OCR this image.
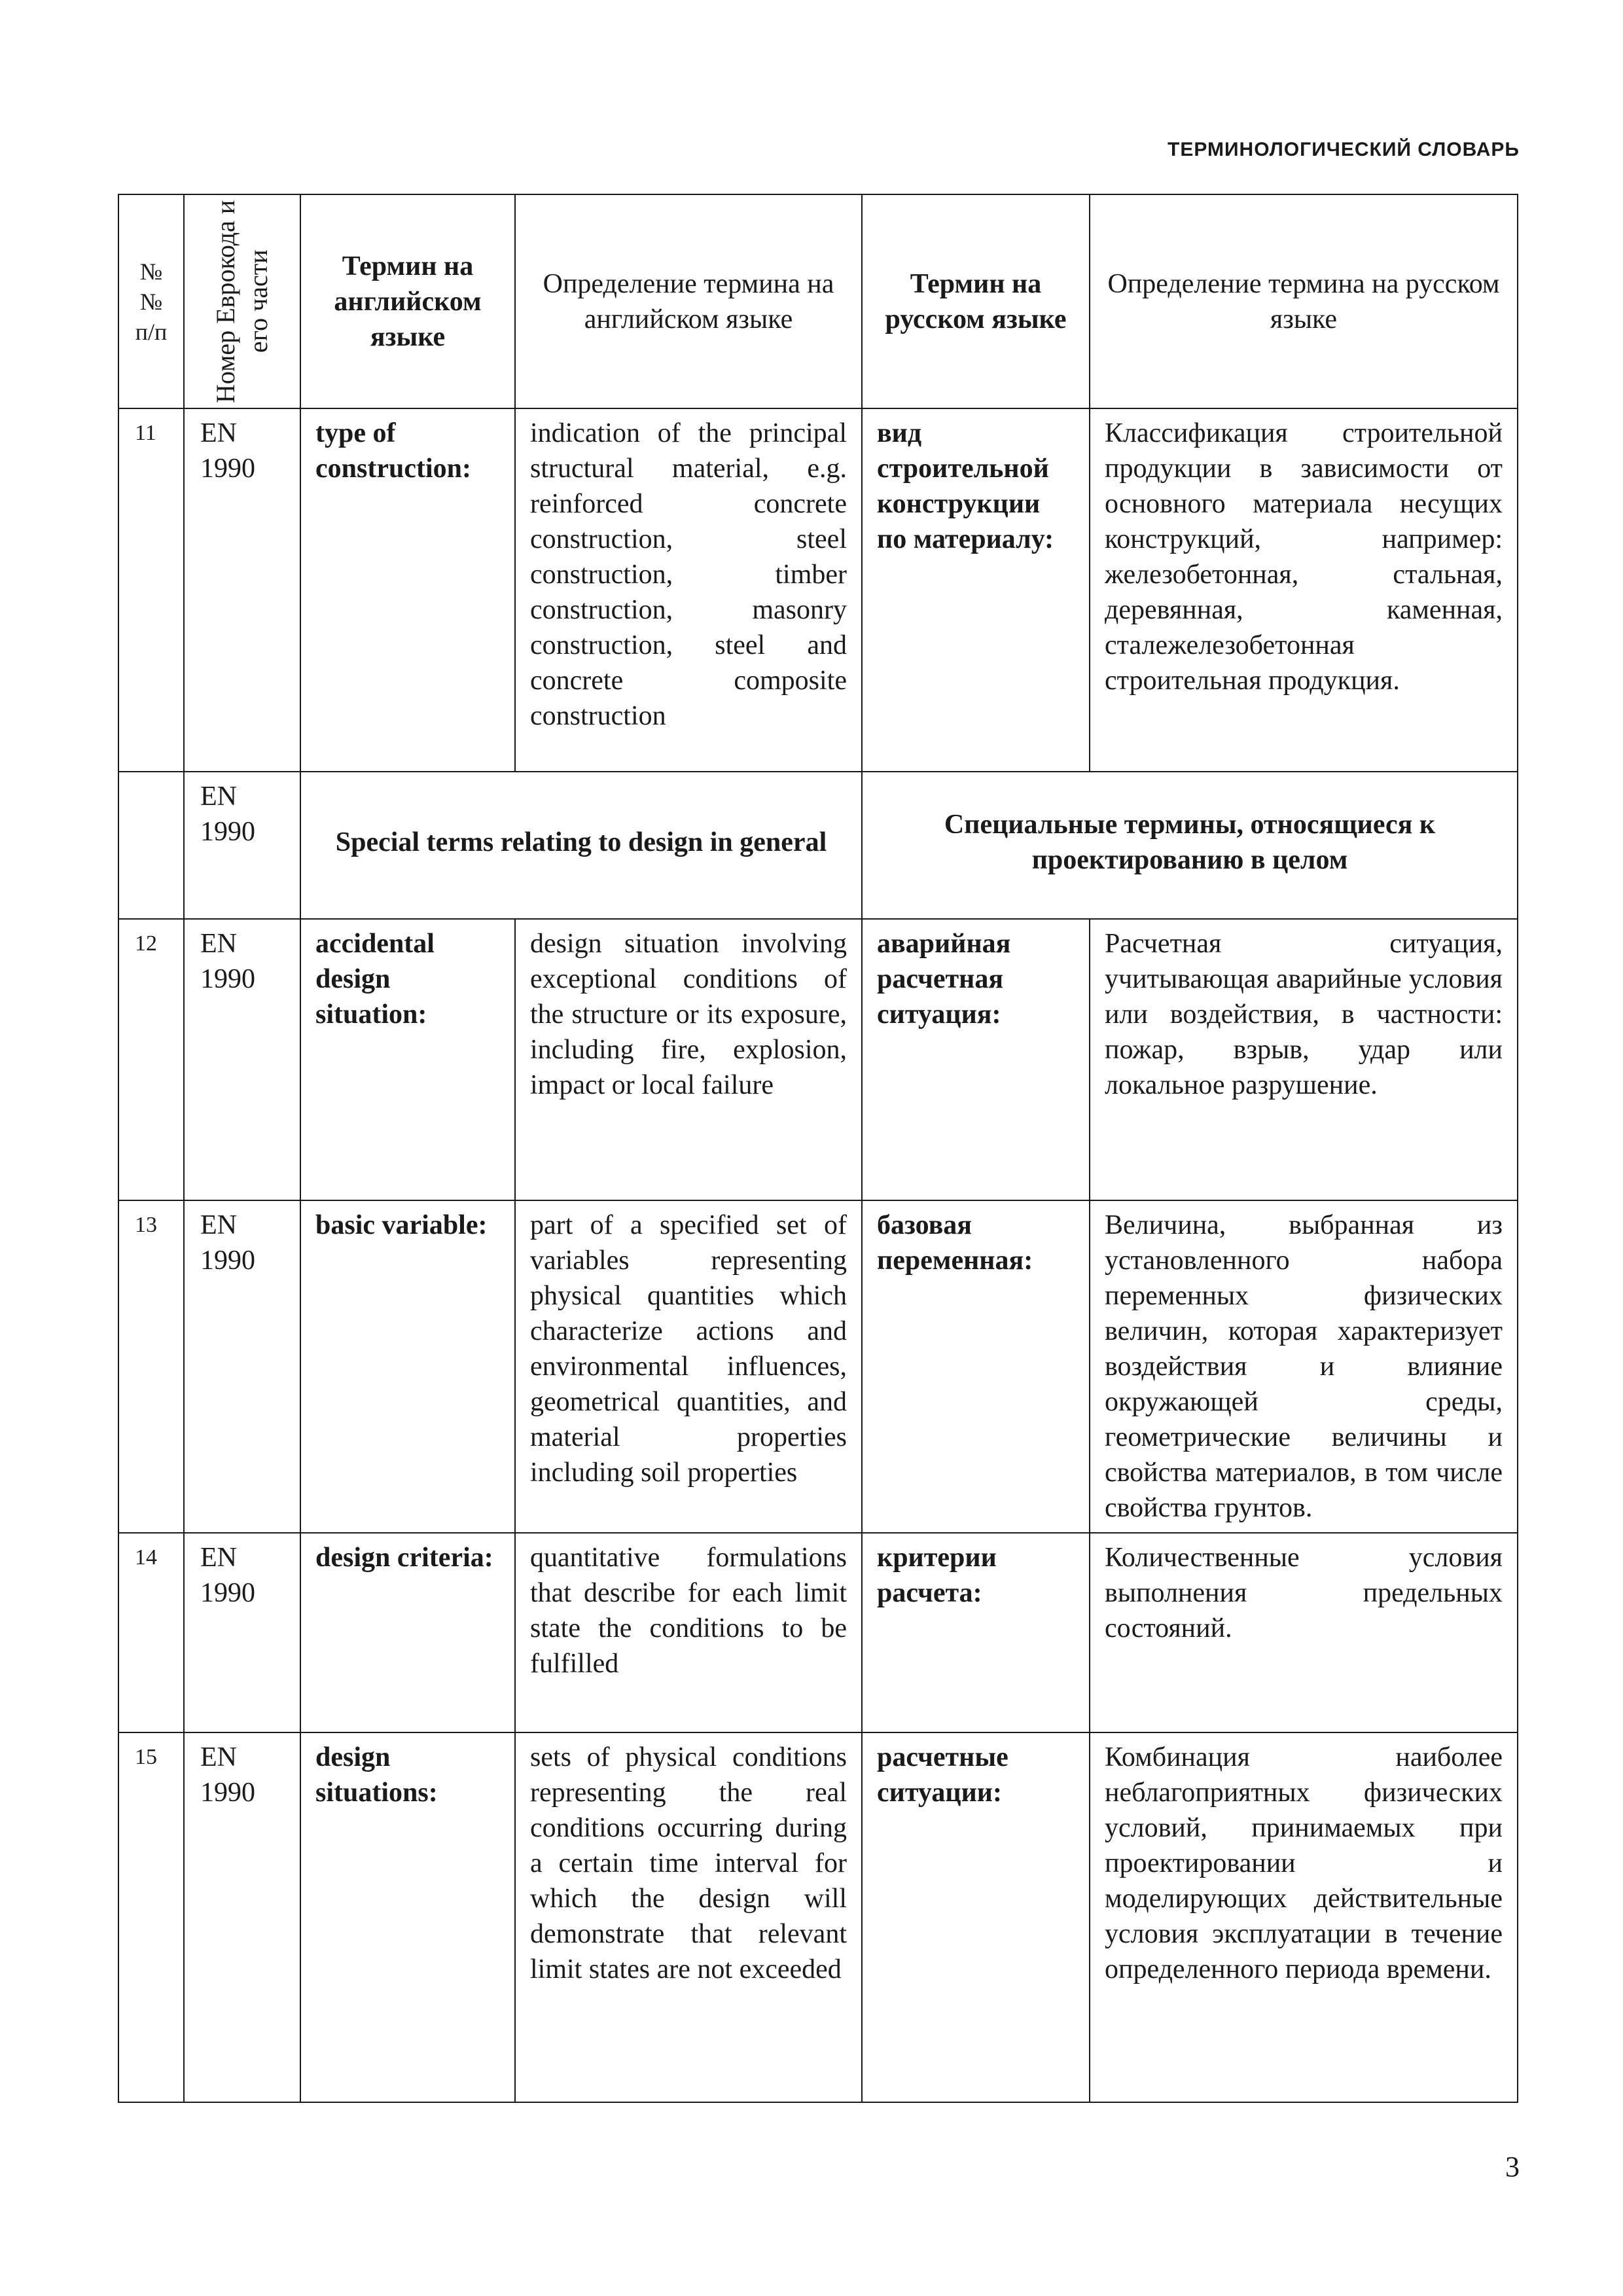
ТЕРМИНОЛОГИЧЕСКИЙ СЛОВАРЬ
№№ п/п	Номер Еврокода и его части	Термин на английском языке	Определение термина на английском языке	Термин на русском языке	Определение термина на русском языке
11	EN 1990	type of construction:	indication of the principal structural material, e.g. reinforced concrete construction, steel construction, timber construction, masonry construction, steel and concrete composite construction	вид строительной конструкции по материалу:	Классификация строительной продукции в зависимости от основного материала несущих конструкций, например: железобетонная, стальная, деревянная, каменная, сталежелезобетонная строительная продукция.
	EN 1990	Special terms relating to design in general		Специальные термины, относящиеся к проектированию в целом	
12	EN 1990	accidental design situation:	design situation involving exceptional conditions of the structure or its exposure, including fire, explosion, impact or local failure	аварийная расчетная ситуация:	Расчетная ситуация, учитывающая аварийные условия или воздействия, в частности: пожар, взрыв, удар или локальное разрушение.
13	EN 1990	basic variable:	part of a specified set of variables representing physical quantities which characterize actions and environmental influences, geometrical quantities, and material properties including soil properties	базовая переменная:	Величина, выбранная из установленного набора переменных физических величин, которая характеризует воздействия и влияние окружающей среды, геометрические величины и свойства материалов, в том числе свойства грунтов.
14	EN 1990	design criteria:	quantitative formulations that describe for each limit state the conditions to be fulfilled	критерии расчета:	Количественные условия выполнения предельных состояний.
15	EN 1990	design situations:	sets of physical conditions representing the real conditions occurring during a certain time interval for which the design will demonstrate that relevant limit states are not exceeded	расчетные ситуации:	Комбинация наиболее неблагоприятных физических условий, принимаемых при проектировании и моделирующих действительные условия эксплуатации в течение определенного периода времени.
3
